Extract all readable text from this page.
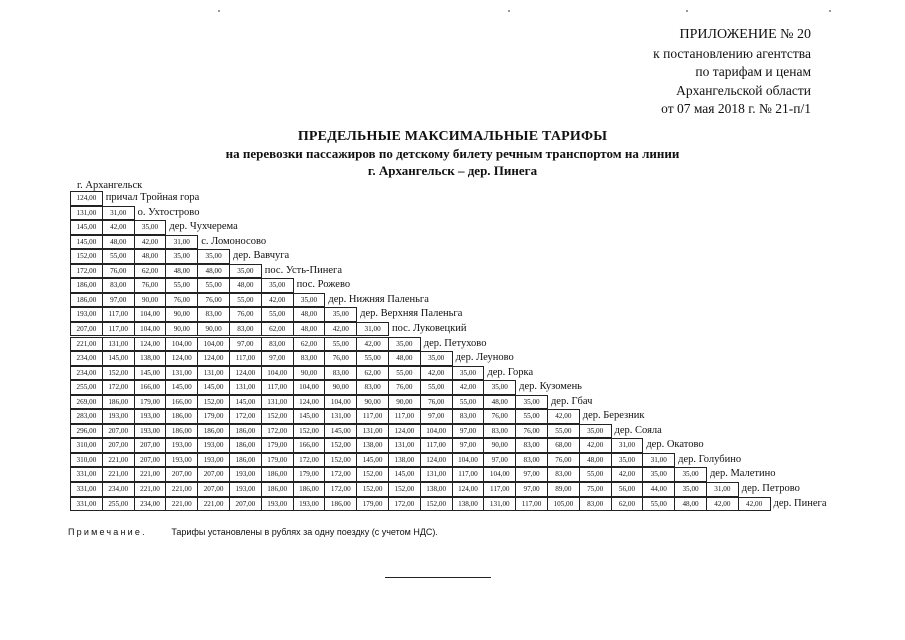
ПРИЛОЖЕНИЕ № 20
к постановлению агентства
по тарифам и ценам
Архангельской области
от 07 мая 2018 г. № 21-п/1
ПРЕДЕЛЬНЫЕ МАКСИМАЛЬНЫЕ ТАРИФЫ
на перевозки пассажиров по детскому билету речным транспортом на линии
г. Архангельск – дер. Пинега
г. Архангельск
124,00 причал Тройная гора
131,00	31,00	о. Ухтострово
145,00	42,00	35,00	дер. Чухчерема
145,00	48,00	42,00	31,00	с. Ломоносово
152,00	55,00	48,00	35,00	35,00	дер. Вавчуга
172,00	76,00	62,00	48,00	48,00	35,00	пос. Усть-Пинега
186,00	83,00	76,00	55,00	55,00	48,00	35,00	пос. Рожево
186,00	97,00	90,00	76,00	76,00	55,00	42,00	35,00	дер. Нижняя Паленьга
193,00	117,00	104,00	90,00	83,00	76,00	55,00	48,00	35,00	дер. Верхняя Паленьга
207,00	117,00	104,00	90,00	90,00	83,00	62,00	48,00	42,00	31,00	пос. Луковецкий
221,00	131,00	124,00	104,00	104,00	97,00	83,00	62,00	55,00	42,00	35,00	дер. Петухово
234,00	145,00	138,00	124,00	124,00	117,00	97,00	83,00	76,00	55,00	48,00	35,00	дер. Леуново
234,00	152,00	145,00	131,00	131,00	124,00	104,00	90,00	83,00	62,00	55,00	42,00	35,00	дер. Горка
255,00	172,00	166,00	145,00	145,00	131,00	117,00	104,00	90,00	83,00	76,00	55,00	42,00	35,00	дер. Кузомень
269,00	186,00	179,00	166,00	152,00	145,00	131,00	124,00	104,00	90,00	90,00	76,00	55,00	48,00	35,00	дер. Гбач
283,00	193,00	193,00	186,00	179,00	172,00	152,00	145,00	131,00	117,00	117,00	97,00	83,00	76,00	55,00	42,00	дер. Березник
296,00	207,00	193,00	186,00	186,00	186,00	172,00	152,00	145,00	131,00	124,00	104,00	97,00	83,00	76,00	55,00	35,00	дер. Сояла
310,00	207,00	207,00	193,00	193,00	186,00	179,00	166,00	152,00	138,00	131,00	117,00	97,00	90,00	83,00	68,00	42,00	31,00	дер. Окатово
310,00	221,00	207,00	193,00	193,00	186,00	179,00	172,00	152,00	145,00	138,00	124,00	104,00	97,00	83,00	76,00	48,00	35,00	31,00	дер. Голубино
331,00	221,00	221,00	207,00	207,00	193,00	186,00	179,00	172,00	152,00	145,00	131,00	117,00	104,00	97,00	83,00	55,00	42,00	35,00	35,00	дер. Малетино
331,00	234,00	221,00	221,00	207,00	193,00	186,00	186,00	172,00	152,00	152,00	138,00	124,00	117,00	97,00	89,00	75,00	56,00	44,00	35,00	31,00	дер. Петрово
331,00	255,00	234,00	221,00	221,00	207,00	193,00	193,00	186,00	179,00	172,00	152,00	138,00	131,00	117,00	105,00	83,00	62,00	55,00	48,00	42,00	42,00	дер. Пинега
Примечание.	Тарифы установлены в рублях за одну поездку (с учетом НДС).
